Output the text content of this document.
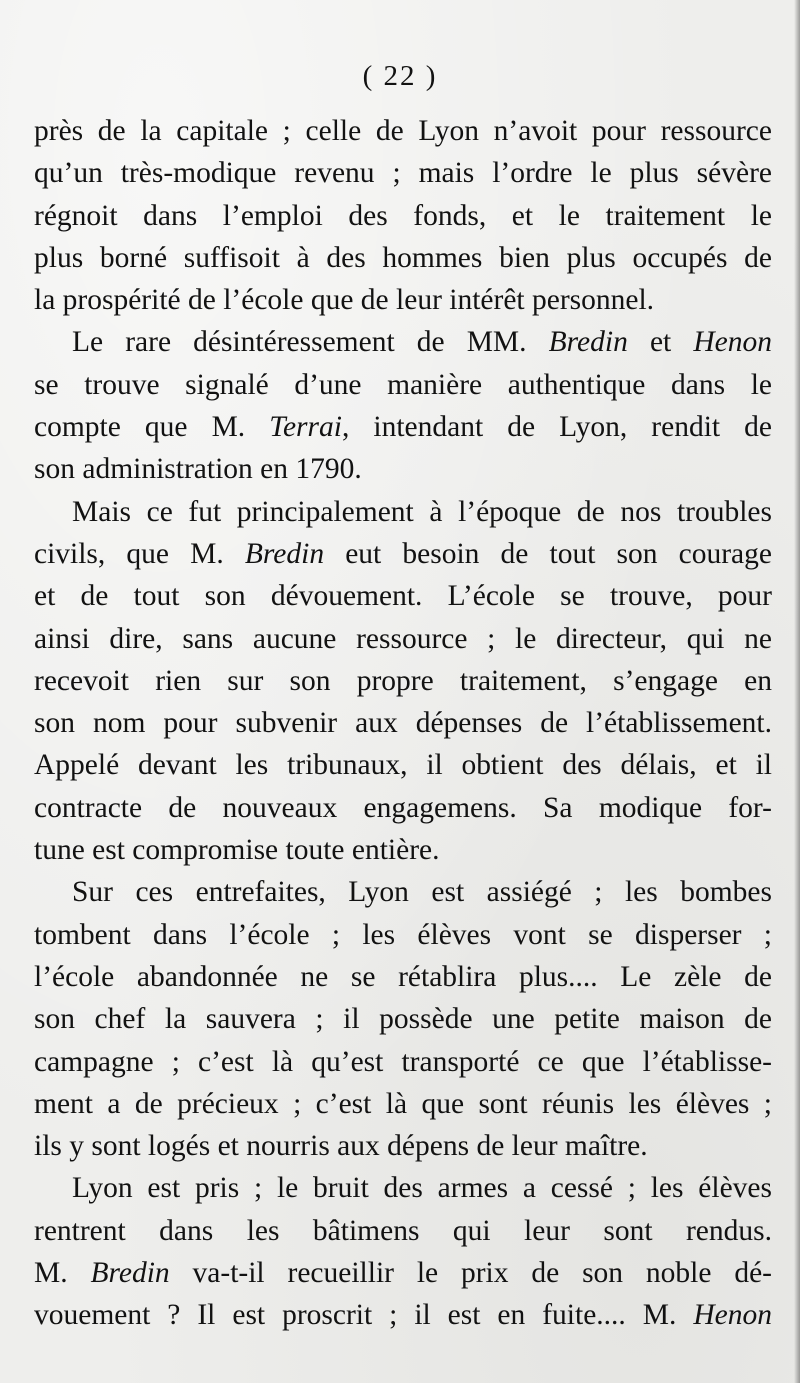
( 22 )
près de la capitale ; celle de Lyon n’avoit pour ressource
qu’un très-modique revenu ; mais l’ordre le plus sévère
régnoit dans l’emploi des fonds, et le traitement le
plus borné suffisoit à des hommes bien plus occupés de
la prospérité de l’école que de leur intérêt personnel.
Le rare désintéressement de MM. Bredin et Henon
se trouve signalé d’une manière authentique dans le
compte que M. Terrai, intendant de Lyon, rendit de
son administration en 1790.
Mais ce fut principalement à l’époque de nos troubles
civils, que M. Bredin eut besoin de tout son courage
et de tout son dévouement. L’école se trouve, pour
ainsi dire, sans aucune ressource ; le directeur, qui ne
recevoit rien sur son propre traitement, s’engage en
son nom pour subvenir aux dépenses de l’établissement.
Appelé devant les tribunaux, il obtient des délais, et il
contracte de nouveaux engagemens. Sa modique for-
tune est compromise toute entière.
Sur ces entrefaites, Lyon est assiégé ; les bombes
tombent dans l’école ; les élèves vont se disperser ;
l’école abandonnée ne se rétablira plus.... Le zèle de
son chef la sauvera ; il possède une petite maison de
campagne ; c’est là qu’est transporté ce que l’établisse-
ment a de précieux ; c’est là que sont réunis les élèves ;
ils y sont logés et nourris aux dépens de leur maître.
Lyon est pris ; le bruit des armes a cessé ; les élèves
rentrent dans les bâtimens qui leur sont rendus.
M. Bredin va-t-il recueillir le prix de son noble dé-
vouement ? Il est proscrit ; il est en fuite.... M. Henon
